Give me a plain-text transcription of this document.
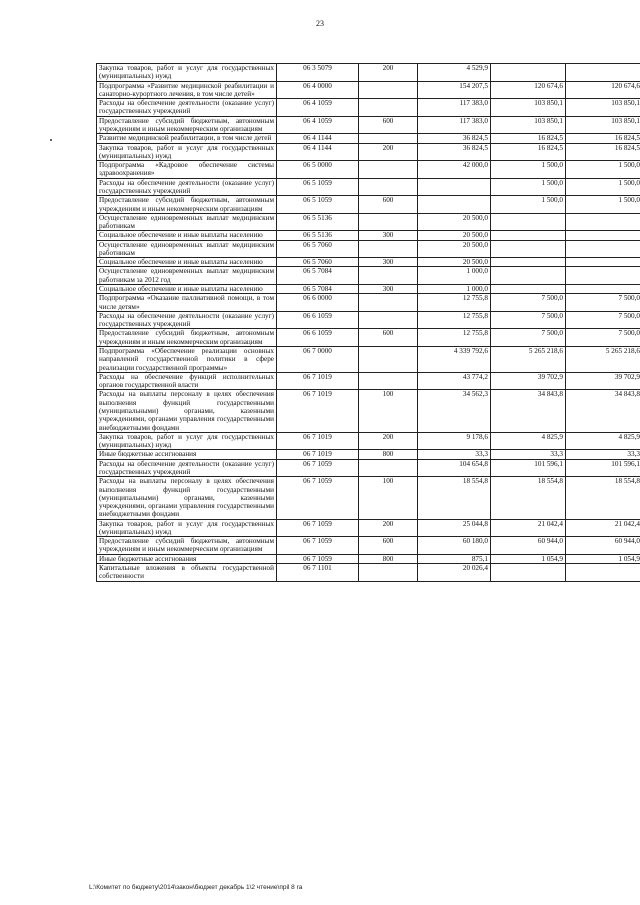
23
Закупка товаров, работ и услуг для государственных (муниципальных) нужд	06 3 5079	200	4 529,9		
Подпрограмма «Развитие медицинской реабилитации и санаторно-курортного лечения, в том числе детей»	06 4 0000		154 207,5	120 674,6	120 674,6
Расходы на обеспечение деятельности (оказание услуг) государственных учреждений	06 4 1059		117 383,0	103 850,1	103 850,1
Предоставление субсидий бюджетным, автономным учреждениям и иным некоммерческим организациям	06 4 1059	600	117 383,0	103 850,1	103 850,1
Развитие медицинской реабилитации, в том числе детей	06 4 1144		36 824,5	16 824,5	16 824,5
Закупка товаров, работ и услуг для государственных (муниципальных) нужд	06 4 1144	200	36 824,5	16 824,5	16 824,5
Подпрограмма «Кадровое обеспечение системы здравоохранения»	06 5 0000		42 000,0	1 500,0	1 500,0
Расходы на обеспечение деятельности (оказание услуг) государственных учреждений	06 5 1059			1 500,0	1 500,0
Предоставление субсидий бюджетным, автономным учреждениям и иным некоммерческим организациям	06 5 1059	600		1 500,0	1 500,0
Осуществление единовременных выплат медицинским работникам	06 5 5136		20 500,0		
Социальное обеспечение и иные выплаты населению	06 5 5136	300	20 500,0		
Осуществление единовременных выплат медицинским работникам	06 5 7060		20 500,0		
Социальное обеспечение и иные выплаты населению	06 5 7060	300	20 500,0		
Осуществление единовременных выплат медицинским работникам за 2012 год	06 5 7084		1 000,0		
Социальное обеспечение и иные выплаты населению	06 5 7084	300	1 000,0		
Подпрограмма «Оказание паллиативной помощи, в том числе детям»	06 6 0000		12 755,8	7 500,0	7 500,0
Расходы на обеспечение деятельности (оказание услуг) государственных учреждений	06 6 1059		12 755,8	7 500,0	7 500,0
Предоставление субсидий бюджетным, автономным учреждениям и иным некоммерческим организациям	06 6 1059	600	12 755,8	7 500,0	7 500,0
Подпрограмма «Обеспечение реализации основных направлений государственной политики в сфере реализации государственной программы»	06 7 0000		4 339 792,6	5 265 218,6	5 265 218,6
Расходы на обеспечение функций исполнительных органов государственной власти	06 7 1019		43 774,2	39 702,9	39 702,9
Расходы на выплаты персоналу в целях обеспечения выполнения функций государственными (муниципальными) органами, казенными учреждениями, органами управления государственными внебюджетными фондами	06 7 1019	100	34 562,3	34 843,8	34 843,8
Закупка товаров, работ и услуг для государственных (муниципальных) нужд	06 7 1019	200	9 178,6	4 825,9	4 825,9
Иные бюджетные ассигнования	06 7 1019	800	33,3	33,3	33,3
Расходы на обеспечение деятельности (оказание услуг) государственных учреждений	06 7 1059		104 654,8	101 596,1	101 596,1
Расходы на выплаты персоналу в целях обеспечения выполнения функций государственными (муниципальными) органами, казенными учреждениями, органами управления государственными внебюджетными фондами	06 7 1059	100	18 554,8	18 554,8	18 554,8
Закупка товаров, работ и услуг для государственных (муниципальных) нужд	06 7 1059	200	25 044,8	21 042,4	21 042,4
Предоставление субсидий бюджетным, автономным учреждениям и иным некоммерческим организациям	06 7 1059	600	60 180,0	60 944,0	60 944,0
Иные бюджетные ассигнования	06 7 1059	800	875,1	1 054,9	1 054,9
Капитальные вложения в объекты государственной собственности	06 7 1101		20 026,4		
L:\Комитет по бюджету\2014\закон\бюджет декабрь 1\2 чтение\прil 8 rа
